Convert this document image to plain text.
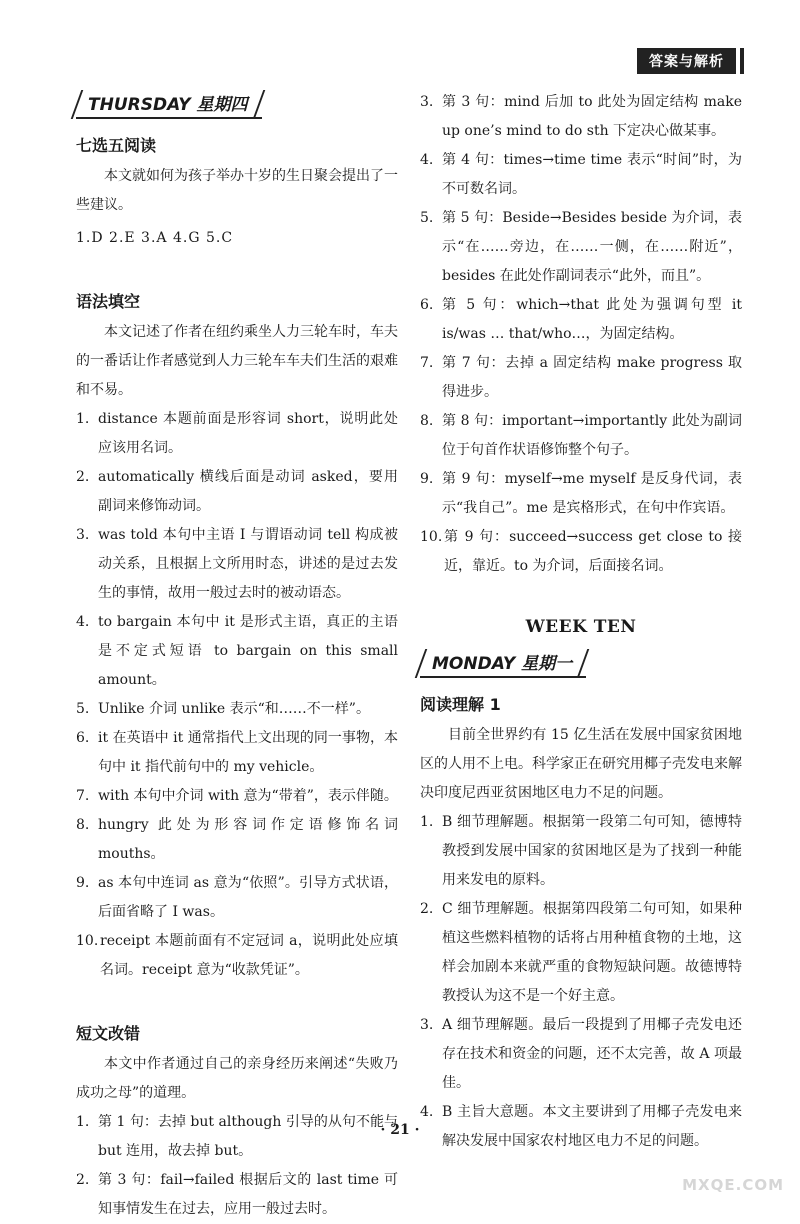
答案与解析
THURSDAY 星期四
七选五阅读

本文就如何为孩子举办十岁的生日聚会提出了一些建议。

1.D 2.E 3.A 4.G 5.C

语法填空

本文记述了作者在纽约乘坐人力三轮车时，车夫的一番话让作者感觉到人力三轮车车夫们生活的艰难和不易。

1. distance 本题前面是形容词 short，说明此处应该用名词。

2. automatically 横线后面是动词 asked，要用副词来修饰动词。

3. was told 本句中主语 I 与谓语动词 tell 构成被动关系，且根据上文所用时态，讲述的是过去发生的事情，故用一般过去时的被动语态。

4. to bargain 本句中 it 是形式主语，真正的主语是不定式短语 to bargain on this small amount。

5. Unlike 介词 unlike 表示“和……不一样”。

6. it 在英语中 it 通常指代上文出现的同一事物，本句中 it 指代前句中的 my vehicle。

7. with 本句中介词 with 意为“带着”，表示伴随。

8. hungry 此处为形容词作定语修饰名词 mouths。

9. as 本句中连词 as 意为“依照”。引导方式状语，后面省略了 I was。

10. receipt 本题前面有不定冠词 a，说明此处应填名词。receipt 意为“收款凭证”。

短文改错

本文中作者通过自己的亲身经历来阐述“失败乃成功之母”的道理。

1. 第 1 句：去掉 but although 引导的从句不能与 but 连用，故去掉 but。

2. 第 3 句：fail→failed 根据后文的 last time 可知事情发生在过去，应用一般过去时。

3. 第 3 句：mind 后加 to 此处为固定结构 make up one’s mind to do sth 下定决心做某事。

4. 第 4 句：times→time time 表示“时间”时，为不可数名词。

5. 第 5 句：Beside→Besides beside 为介词，表示“在……旁边，在……一侧，在……附近”，besides 在此处作副词表示“此外，而且”。

6. 第 5 句：which→that 此处为强调句型 it is/was … that/who…，为固定结构。

7. 第 7 句：去掉 a 固定结构 make progress 取得进步。

8. 第 8 句：important→importantly 此处为副词位于句首作状语修饰整个句子。

9. 第 9 句：myself→me myself 是反身代词，表示“我自己”。me 是宾格形式，在句中作宾语。

10. 第 9 句：succeed→success get close to 接近，靠近。to 为介词，后面接名词。

WEEK TEN
MONDAY 星期一
阅读理解 1

目前全世界约有 15 亿生活在发展中国家贫困地区的人用不上电。科学家正在研究用椰子壳发电来解决印度尼西亚贫困地区电力不足的问题。

1. B 细节理解题。根据第一段第二句可知，德博特教授到发展中国家的贫困地区是为了找到一种能用来发电的原料。

2. C 细节理解题。根据第四段第二句可知，如果种植这些燃料植物的话将占用种植食物的土地，这样会加剧本来就严重的食物短缺问题。故德博特教授认为这不是一个好主意。

3. A 细节理解题。最后一段提到了用椰子壳发电还存在技术和资金的问题，还不太完善，故 A 项最佳。

4. B 主旨大意题。本文主要讲到了用椰子壳发电来解决发展中国家农村地区电力不足的问题。

· 21 ·
MXQE.COM
